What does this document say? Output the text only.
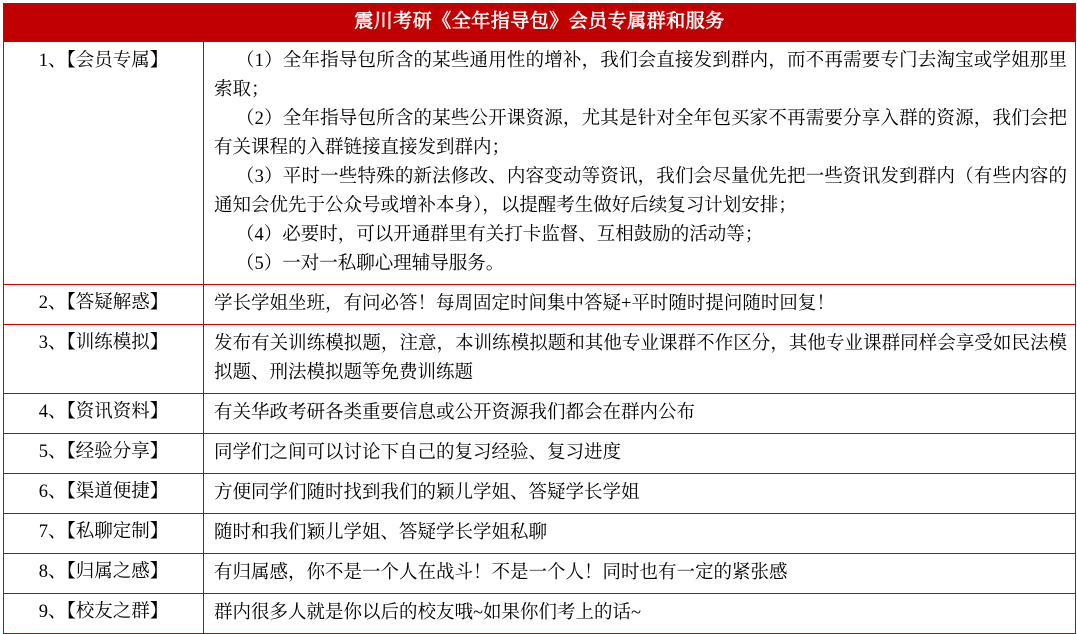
震川考研《全年指导包》会员专属群和服务	
1、【会员专属】	（1）全年指导包所含的某些通用性的增补，我们会直接发到群内，而不再需要专门去淘宝或学姐那里索取；

（2）全年指导包所含的某些公开课资源，尤其是针对全年包买家不再需要分享入群的资源，我们会把有关课程的入群链接直接发到群内；

（3）平时一些特殊的新法修改、内容变动等资讯，我们会尽量优先把一些资讯发到群内（有些内容的通知会优先于公众号或增补本身），以提醒考生做好后续复习计划安排；

（4）必要时，可以开通群里有关打卡监督、互相鼓励的活动等；

（5）一对一私聊心理辅导服务。

2、【答疑解惑】	学长学姐坐班，有问必答！每周固定时间集中答疑+平时随时提问随时回复！

3、【训练模拟】	发布有关训练模拟题，注意，本训练模拟题和其他专业课群不作区分，其他专业课群同样会享受如民法模拟题、刑法模拟题等免费训练题

4、【资讯资料】	有关华政考研各类重要信息或公开资源我们都会在群内公布

5、【经验分享】	同学们之间可以讨论下自己的复习经验、复习进度

6、【渠道便捷】	方便同学们随时找到我们的颖儿学姐、答疑学长学姐

7、【私聊定制】	随时和我们颖儿学姐、答疑学长学姐私聊

8、【归属之感】	有归属感，你不是一个人在战斗！不是一个人！同时也有一定的紧张感

9、【校友之群】	群内很多人就是你以后的校友哦~如果你们考上的话~
